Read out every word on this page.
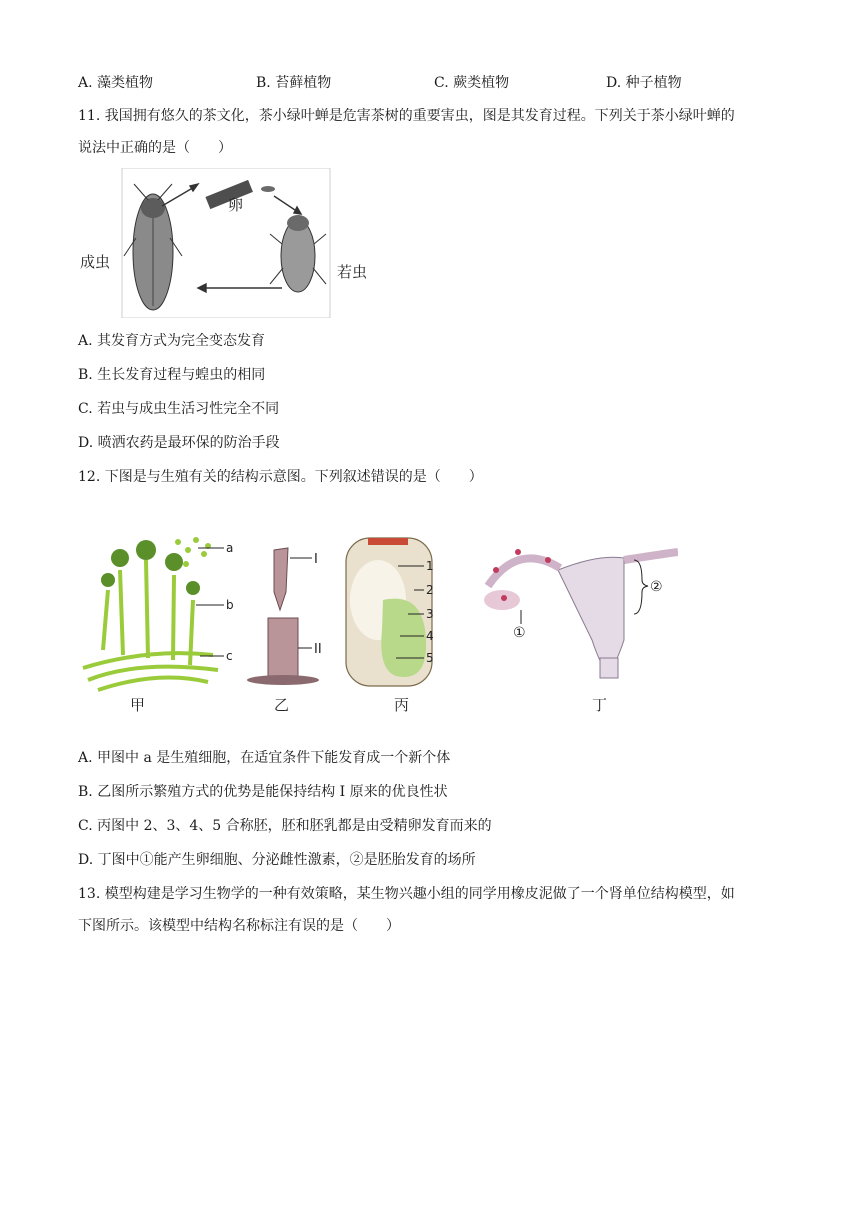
A. 藻类植物	B. 苔藓植物	C. 蕨类植物	D. 种子植物
11. 我国拥有悠久的茶文化，茶小绿叶蝉是危害茶树的重要害虫，图是其发育过程。下列关于茶小绿叶蝉的
说法中正确的是（　　）
卵
成虫
若虫
A. 其发育方式为完全变态发育
B. 生长发育过程与蝗虫的相同
C. 若虫与成虫生活习性完全不同
D. 喷洒农药是最环保的防治手段
12. 下图是与生殖有关的结构示意图。下列叙述错误的是（　　）
a
b
c
甲
I
II
乙
1
2
3
4
5
丙
①
②
丁
A. 甲图中 a 是生殖细胞，在适宜条件下能发育成一个新个体
B. 乙图所示繁殖方式的优势是能保持结构 I 原来的优良性状
C. 丙图中 2、3、4、5 合称胚，胚和胚乳都是由受精卵发育而来的
D. 丁图中①能产生卵细胞、分泌雌性激素，②是胚胎发育的场所
13. 模型构建是学习生物学的一种有效策略，某生物兴趣小组的同学用橡皮泥做了一个肾单位结构模型，如
下图所示。该模型中结构名称标注有误的是（　　）
